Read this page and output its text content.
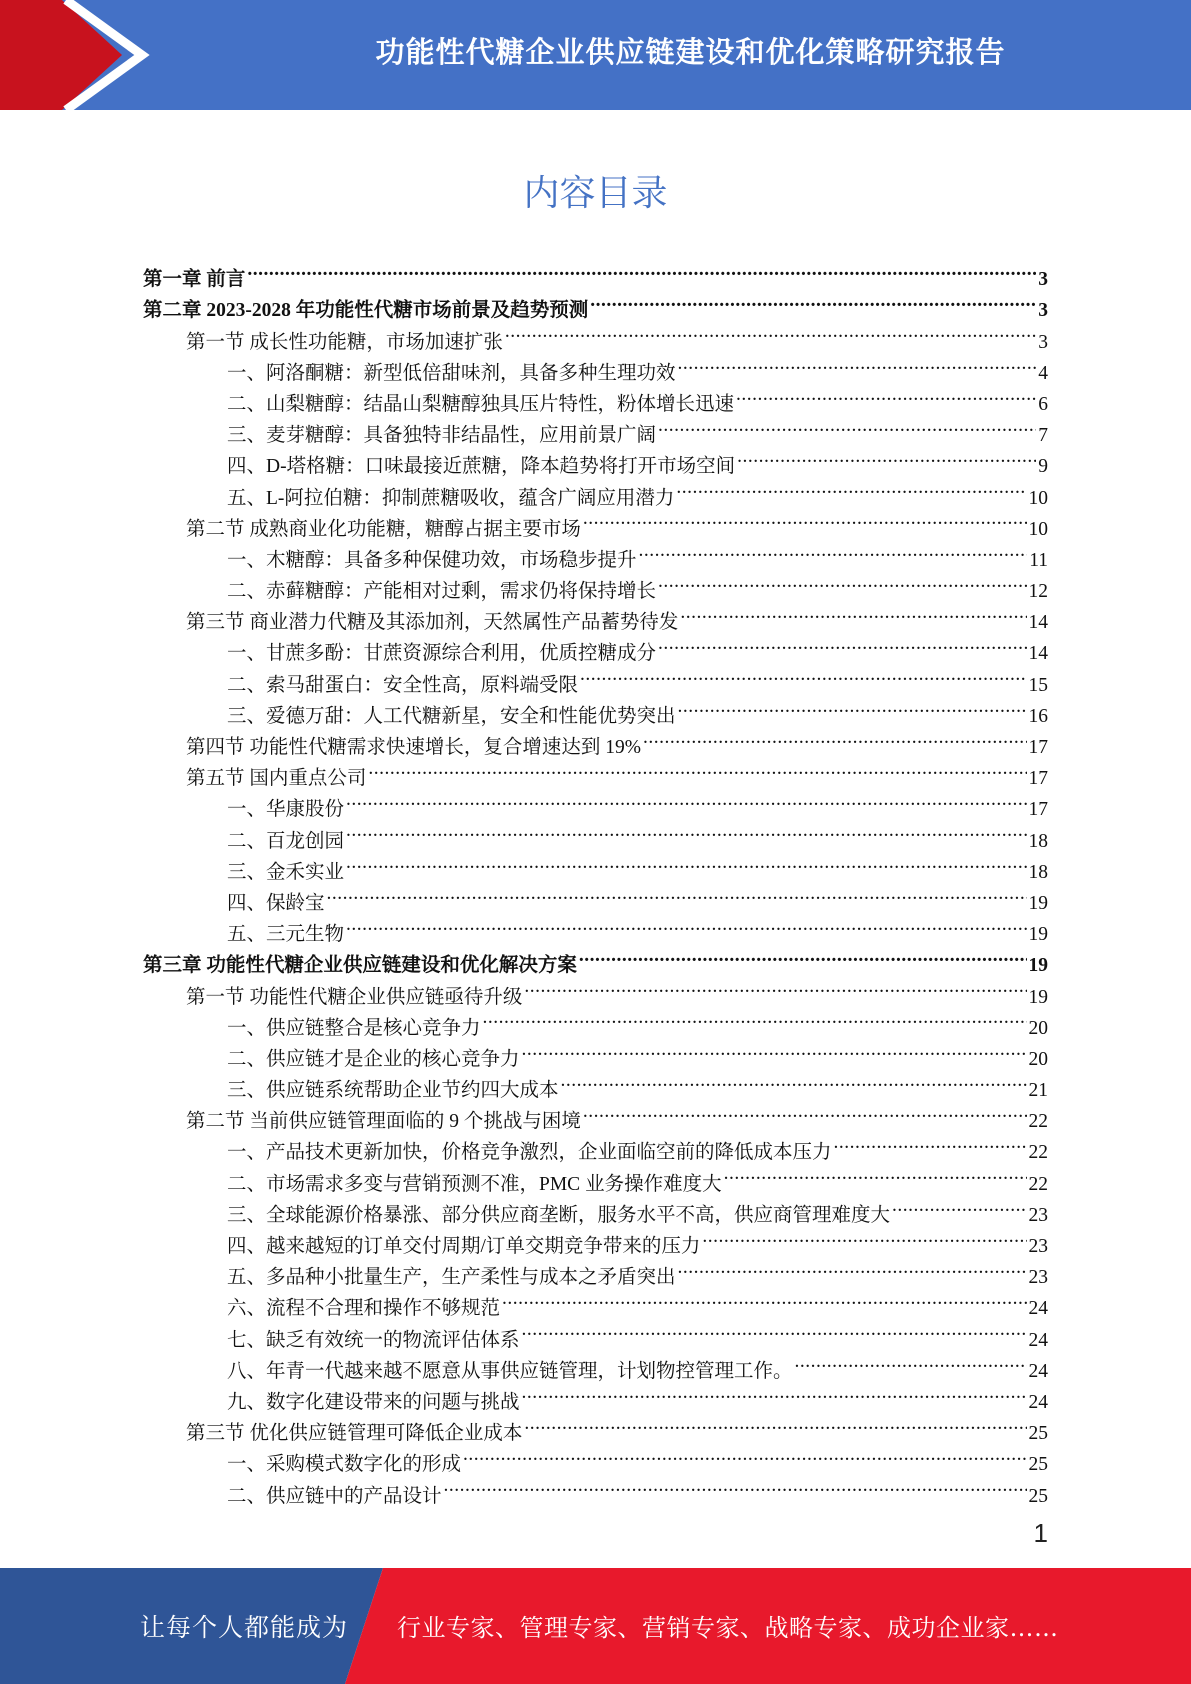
功能性代糖企业供应链建设和优化策略研究报告
内容目录
第一章 前言 .....	3
第二章 2023-2028 年功能性代糖市场前景及趋势预测 .....	3
第一节 成长性功能糖，市场加速扩张 .....	3
一、阿洛酮糖：新型低倍甜味剂，具备多种生理功效 .....	4
二、山梨糖醇：结晶山梨糖醇独具压片特性，粉体增长迅速 .....	6
三、麦芽糖醇：具备独特非结晶性，应用前景广阔 .....	7
四、D-塔格糖：口味最接近蔗糖，降本趋势将打开市场空间 .....	9
五、L-阿拉伯糖：抑制蔗糖吸收，蕴含广阔应用潜力 .....	10
第二节 成熟商业化功能糖，糖醇占据主要市场 .....	10
一、木糖醇：具备多种保健功效，市场稳步提升 .....	11
二、赤藓糖醇：产能相对过剩，需求仍将保持增长 .....	12
第三节 商业潜力代糖及其添加剂，天然属性产品蓄势待发 .....	14
一、甘蔗多酚：甘蔗资源综合利用，优质控糖成分 .....	14
二、索马甜蛋白：安全性高，原料端受限 .....	15
三、爱德万甜：人工代糖新星，安全和性能优势突出 .....	16
第四节 功能性代糖需求快速增长，复合增速达到 19% .....	17
第五节 国内重点公司 .....	17
一、华康股份 .....	17
二、百龙创园 .....	18
三、金禾实业 .....	18
四、保龄宝 .....	19
五、三元生物 .....	19
第三章 功能性代糖企业供应链建设和优化解决方案 .....	19
第一节 功能性代糖企业供应链亟待升级 .....	19
一、供应链整合是核心竞争力 .....	20
二、供应链才是企业的核心竞争力 .....	20
三、供应链系统帮助企业节约四大成本 .....	21
第二节 当前供应链管理面临的 9 个挑战与困境 .....	22
一、产品技术更新加快，价格竞争激烈，企业面临空前的降低成本压力 .....	22
二、市场需求多变与营销预测不准，PMC 业务操作难度大 .....	22
三、全球能源价格暴涨、部分供应商垄断，服务水平不高，供应商管理难度大 .....	23
四、越来越短的订单交付周期/订单交期竞争带来的压力 .....	23
五、多品种小批量生产，生产柔性与成本之矛盾突出 .....	23
六、流程不合理和操作不够规范 .....	24
七、缺乏有效统一的物流评估体系 .....	24
八、年青一代越来越不愿意从事供应链管理，计划物控管理工作。 .....	24
九、数字化建设带来的问题与挑战 .....	24
第三节 优化供应链管理可降低企业成本 .....	25
一、采购模式数字化的形成 .....	25
二、供应链中的产品设计 .....	25
1
让每个人都能成为 行业专家、管理专家、营销专家、战略专家、成功企业家……
